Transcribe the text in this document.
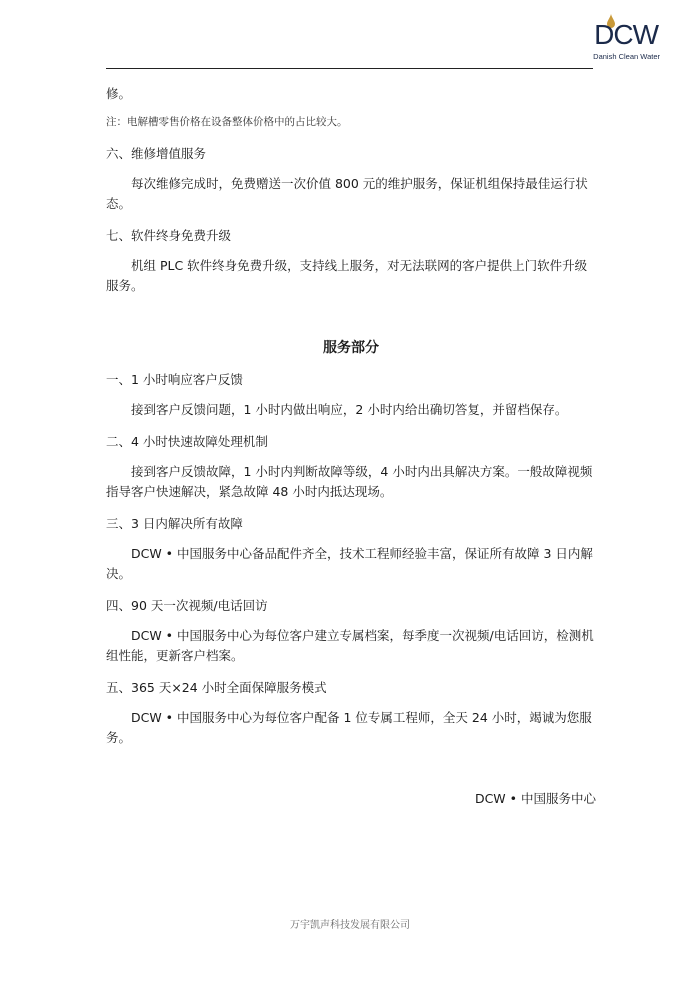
DCW
Danish Clean Water

修。

注：电解槽零售价格在设备整体价格中的占比较大。

六、维修增值服务

每次维修完成时，免费赠送一次价值 800 元的维护服务，保证机组保持最佳运行状态。

七、软件终身免费升级

机组 PLC 软件终身免费升级，支持线上服务，对无法联网的客户提供上门软件升级服务。

服务部分

一、1 小时响应客户反馈

接到客户反馈问题，1 小时内做出响应，2 小时内给出确切答复，并留档保存。

二、4 小时快速故障处理机制

接到客户反馈故障，1 小时内判断故障等级，4 小时内出具解决方案。一般故障视频指导客户快速解决，紧急故障 48 小时内抵达现场。

三、3 日内解决所有故障

DCW • 中国服务中心备品配件齐全，技术工程师经验丰富，保证所有故障 3 日内解决。

四、90 天一次视频/电话回访

DCW • 中国服务中心为每位客户建立专属档案，每季度一次视频/电话回访，检测机组性能，更新客户档案。

五、365 天×24 小时全面保障服务模式

DCW • 中国服务中心为每位客户配备 1 位专属工程师，全天 24 小时，竭诚为您服务。

DCW • 中国服务中心
万宇凯声科技发展有限公司
